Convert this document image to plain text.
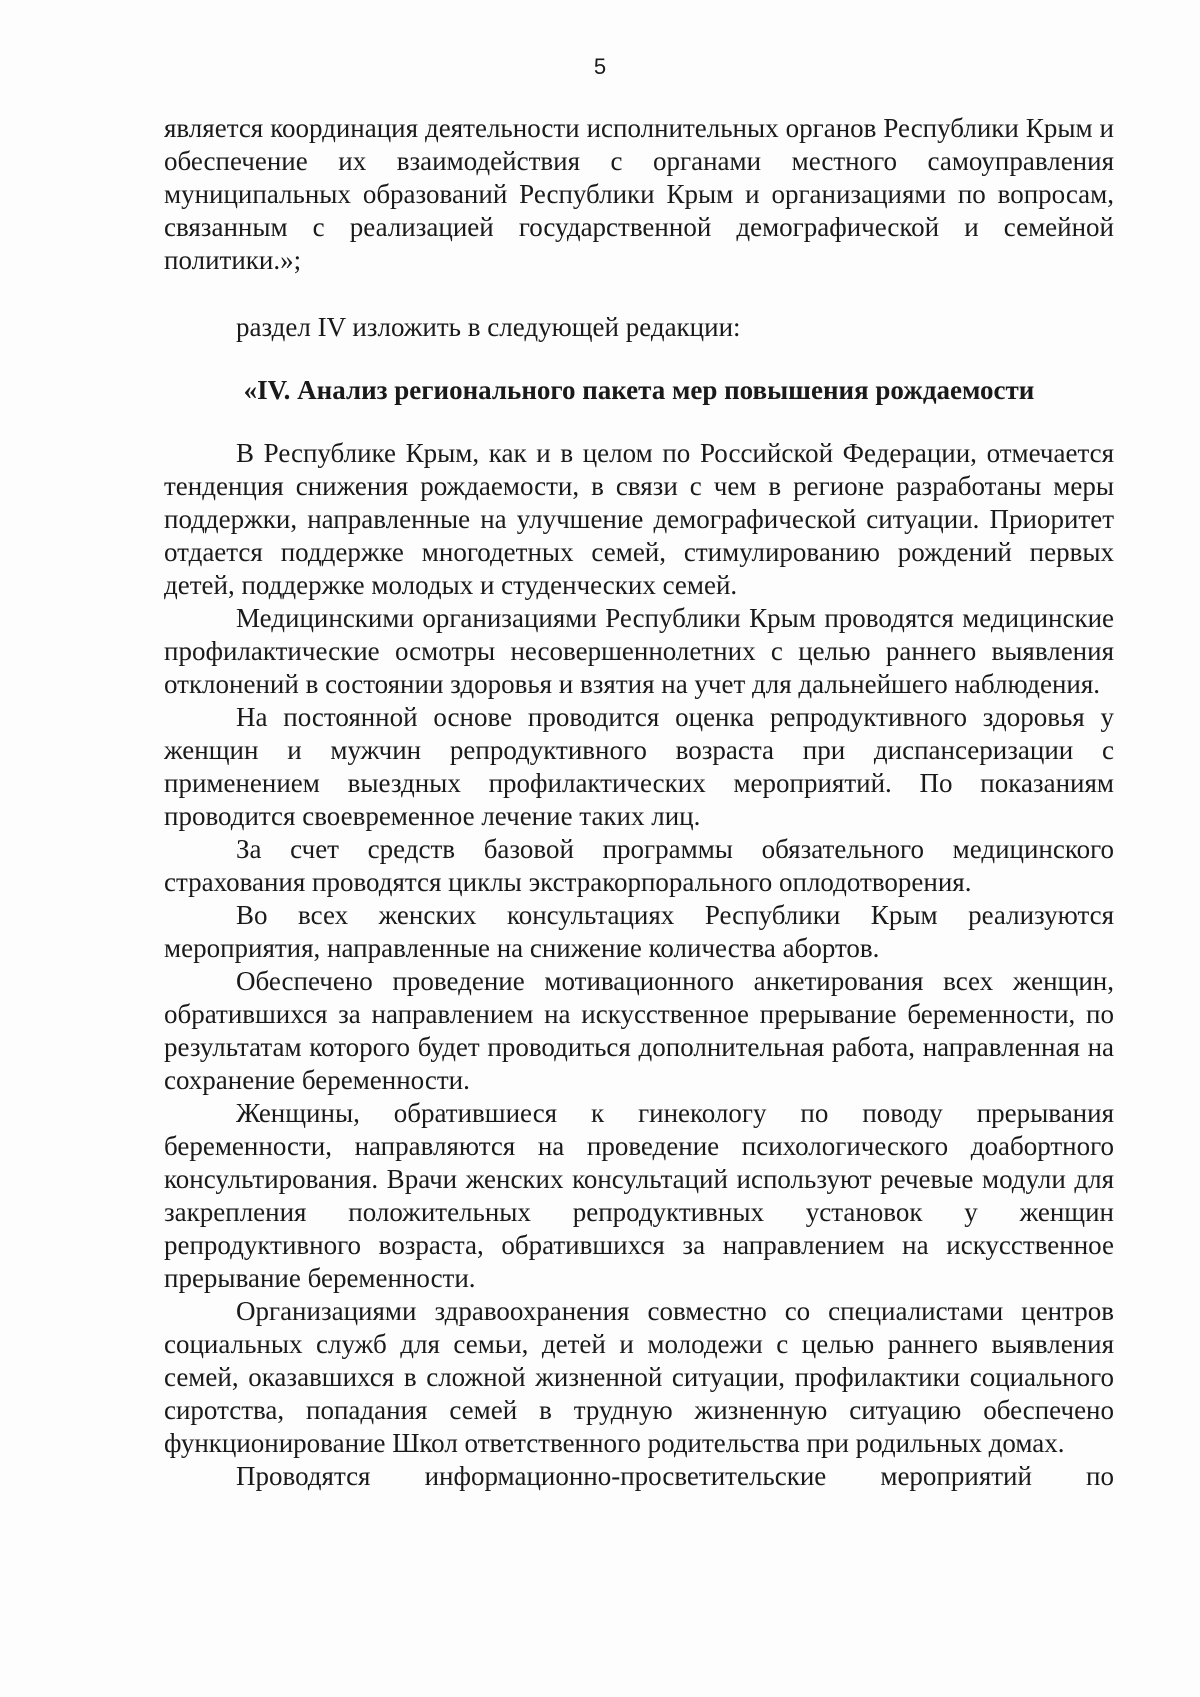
5

является координация деятельности исполнительных органов Республики Крым и обеспечение их взаимодействия с органами местного самоуправления муниципальных образований Республики Крым и организациями по вопросам, связанным с реализацией государственной демографической и семейной политики.»;

раздел IV изложить в следующей редакции:

«IV. Анализ регионального пакета мер повышения рождаемости

В Республике Крым, как и в целом по Российской Федерации, отмечается тенденция снижения рождаемости, в связи с чем в регионе разработаны меры поддержки, направленные на улучшение демографической ситуации. Приоритет отдается поддержке многодетных семей, стимулированию рождений первых детей, поддержке молодых и студенческих семей.

Медицинскими организациями Республики Крым проводятся медицинские профилактические осмотры несовершеннолетних с целью раннего выявления отклонений в состоянии здоровья и взятия на учет для дальнейшего наблюдения.

На постоянной основе проводится оценка репродуктивного здоровья у женщин и мужчин репродуктивного возраста при диспансеризации с применением выездных профилактических мероприятий. По показаниям проводится своевременное лечение таких лиц.

За счет средств базовой программы обязательного медицинского страхования проводятся циклы экстракорпорального оплодотворения.

Во всех женских консультациях Республики Крым реализуются мероприятия, направленные на снижение количества абортов.

Обеспечено проведение мотивационного анкетирования всех женщин, обратившихся за направлением на искусственное прерывание беременности, по результатам которого будет проводиться дополнительная работа, направленная на сохранение беременности.

Женщины, обратившиеся к гинекологу по поводу прерывания беременности, направляются на проведение психологического доабортного консультирования. Врачи женских консультаций используют речевые модули для закрепления положительных репродуктивных установок у женщин репродуктивного возраста, обратившихся за направлением на искусственное прерывание беременности.

Организациями здравоохранения совместно со специалистами центров социальных служб для семьи, детей и молодежи с целью раннего выявления семей, оказавшихся в сложной жизненной ситуации, профилактики социального сиротства, попадания семей в трудную жизненную ситуацию обеспечено функционирование Школ ответственного родительства при родильных домах.

Проводятся информационно-просветительские мероприятий по
